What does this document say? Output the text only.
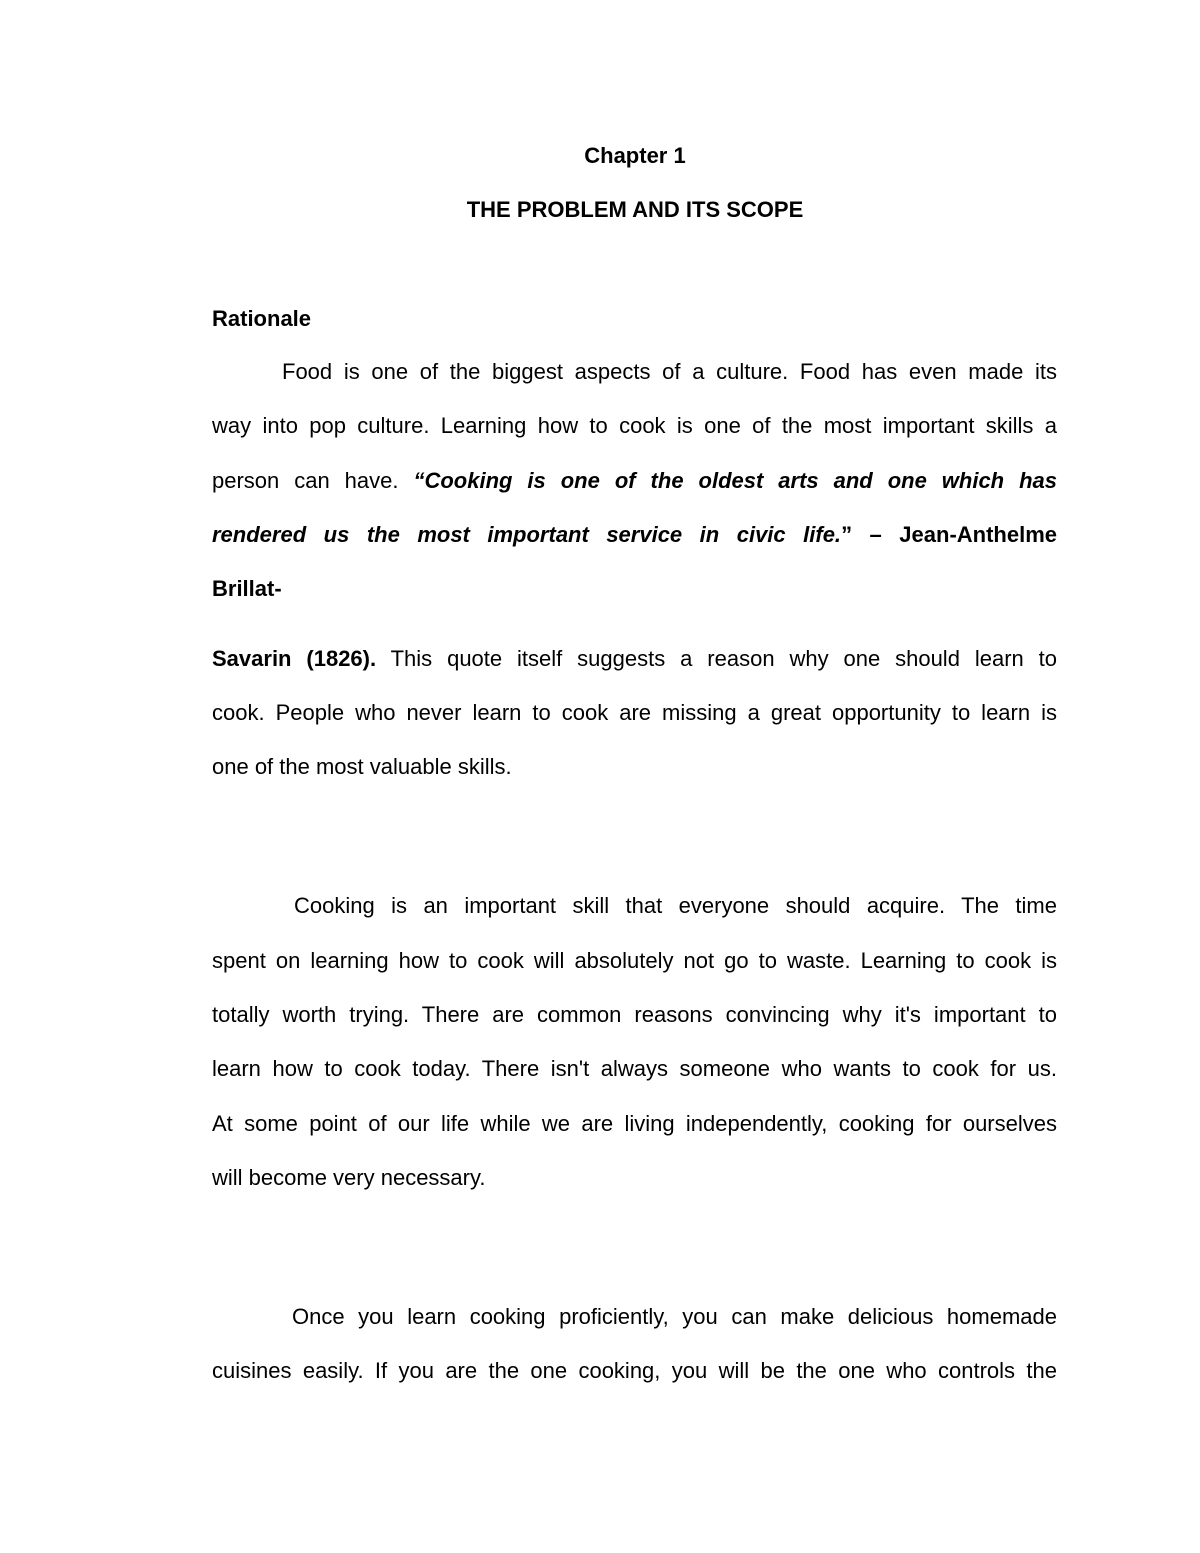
Chapter 1

THE PROBLEM AND ITS SCOPE

Rationale

Food is one of the biggest aspects of a culture. Food has even made its

way into pop culture. Learning how to cook is one of the most important skills a

person can have. “Cooking is one of the oldest arts and one which has

rendered us the most important service in civic life.” – Jean-Anthelme

Brillat-

Savarin (1826). This quote itself suggests a reason why one should learn to

cook. People who never learn to cook are missing a great opportunity to learn is

one of the most valuable skills.

Cooking is an important skill that everyone should acquire. The time

spent on learning how to cook will absolutely not go to waste. Learning to cook is

totally worth trying. There are common reasons convincing why it's important to

learn how to cook today. There isn't always someone who wants to cook for us.

At some point of our life while we are living independently, cooking for ourselves

will become very necessary.

Once you learn cooking proficiently, you can make delicious homemade

cuisines easily. If you are the one cooking, you will be the one who controls the
